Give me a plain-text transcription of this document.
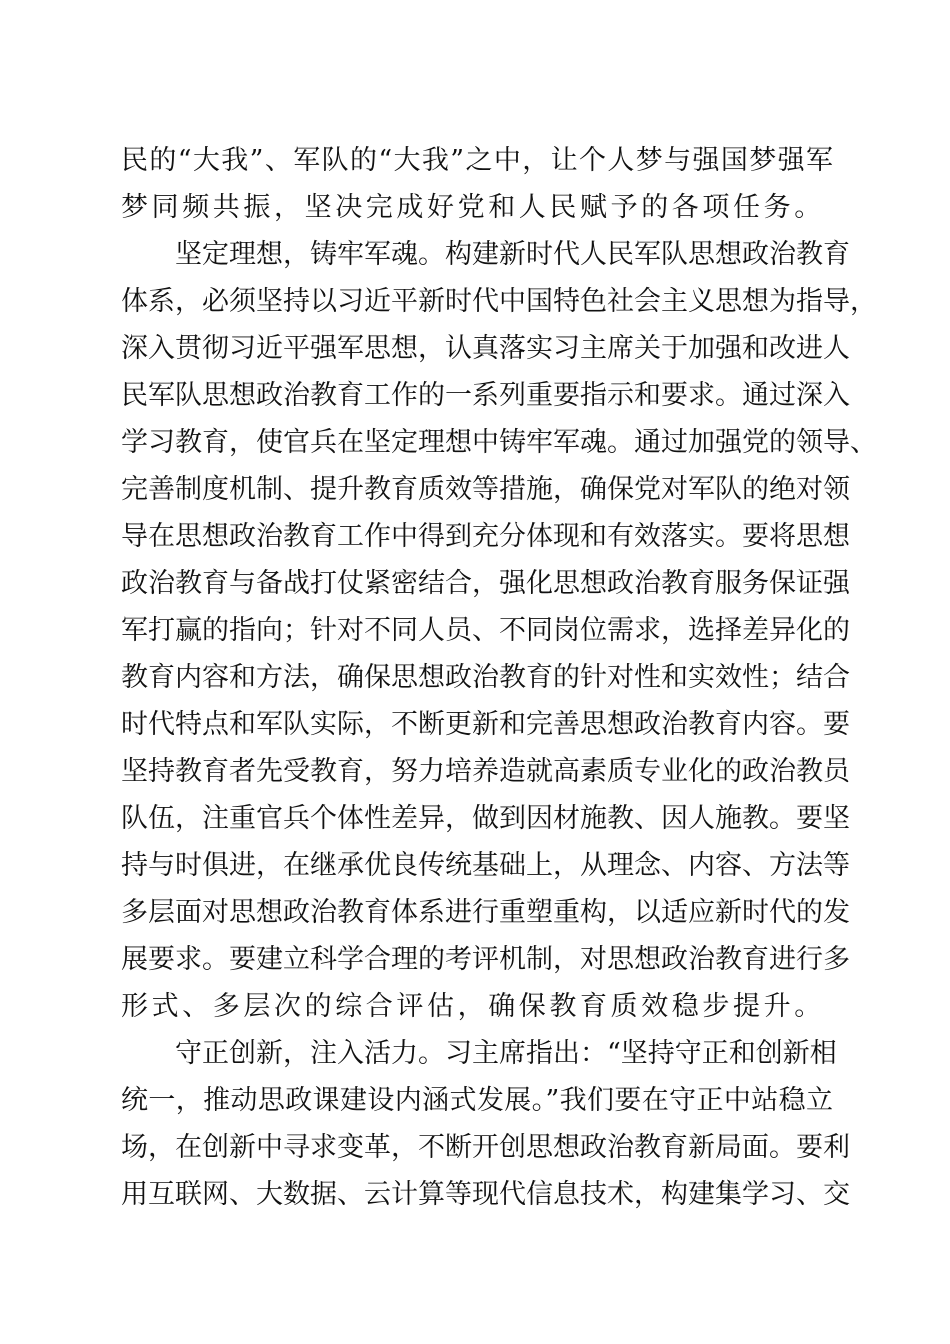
民的“大我”、军队的“大我”之中，让个人梦与强国梦强军
梦同频共振，坚决完成好党和人民赋予的各项任务。
坚定理想，铸牢军魂。构建新时代人民军队思想政治教育
体系，必须坚持以习近平新时代中国特色社会主义思想为指导，
深入贯彻习近平强军思想，认真落实习主席关于加强和改进人
民军队思想政治教育工作的一系列重要指示和要求。通过深入
学习教育，使官兵在坚定理想中铸牢军魂。通过加强党的领导、
完善制度机制、提升教育质效等措施，确保党对军队的绝对领
导在思想政治教育工作中得到充分体现和有效落实。要将思想
政治教育与备战打仗紧密结合，强化思想政治教育服务保证强
军打赢的指向；针对不同人员、不同岗位需求，选择差异化的
教育内容和方法，确保思想政治教育的针对性和实效性；结合
时代特点和军队实际，不断更新和完善思想政治教育内容。要
坚持教育者先受教育，努力培养造就高素质专业化的政治教员
队伍，注重官兵个体性差异，做到因材施教、因人施教。要坚
持与时俱进，在继承优良传统基础上，从理念、内容、方法等
多层面对思想政治教育体系进行重塑重构，以适应新时代的发
展要求。要建立科学合理的考评机制，对思想政治教育进行多
形式、多层次的综合评估，确保教育质效稳步提升。
守正创新，注入活力。习主席指出：“坚持守正和创新相
统一，推动思政课建设内涵式发展。”我们要在守正中站稳立
场，在创新中寻求变革，不断开创思想政治教育新局面。要利
用互联网、大数据、云计算等现代信息技术，构建集学习、交
